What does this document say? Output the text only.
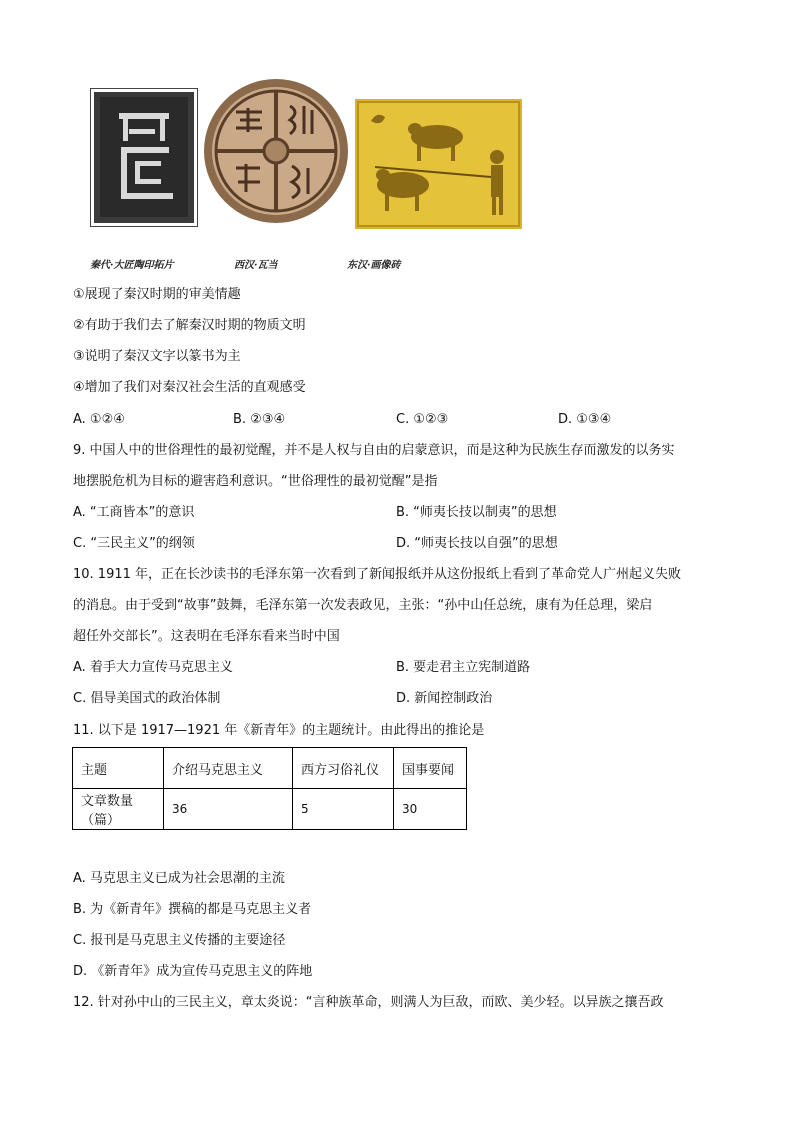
秦代·大匠陶印拓片	西汉·瓦当	东汉·画像砖
①展现了秦汉时期的审美情趣
②有助于我们去了解秦汉时期的物质文明
③说明了秦汉文字以篆书为主
④增加了我们对秦汉社会生活的直观感受
A. ①②④	B. ②③④	C. ①②③	D. ①③④
9. 中国人中的世俗理性的最初觉醒，并不是人权与自由的启蒙意识，而是这种为民族生存而激发的以务实
地摆脱危机为目标的避害趋利意识。“世俗理性的最初觉醒”是指
A. “工商皆本”的意识	B. “师夷长技以制夷”的思想
C. “三民主义”的纲领	D. “师夷长技以自强”的思想
10. 1911 年，正在长沙读书的毛泽东第一次看到了新闻报纸并从这份报纸上看到了革命党人广州起义失败
的消息。由于受到“故事”鼓舞，毛泽东第一次发表政见，主张：“孙中山任总统，康有为任总理，梁启
超任外交部长”。这表明在毛泽东看来当时中国
A. 着手大力宣传马克思主义	B. 要走君主立宪制道路
C. 倡导美国式的政治体制	D. 新闻控制政治
11. 以下是 1917—1921 年《新青年》的主题统计。由此得出的推论是
主题	介绍马克思主义	西方习俗礼仪	国事要闻
文章数量（篇）	36	5	30
A. 马克思主义已成为社会思潮的主流
B. 为《新青年》撰稿的都是马克思主义者
C. 报刊是马克思主义传播的主要途径
D. 《新青年》成为宣传马克思主义的阵地
12. 针对孙中山的三民主义，章太炎说：“言种族革命，则满人为巨敌，而欧、美少轻。以异族之攘吾政
